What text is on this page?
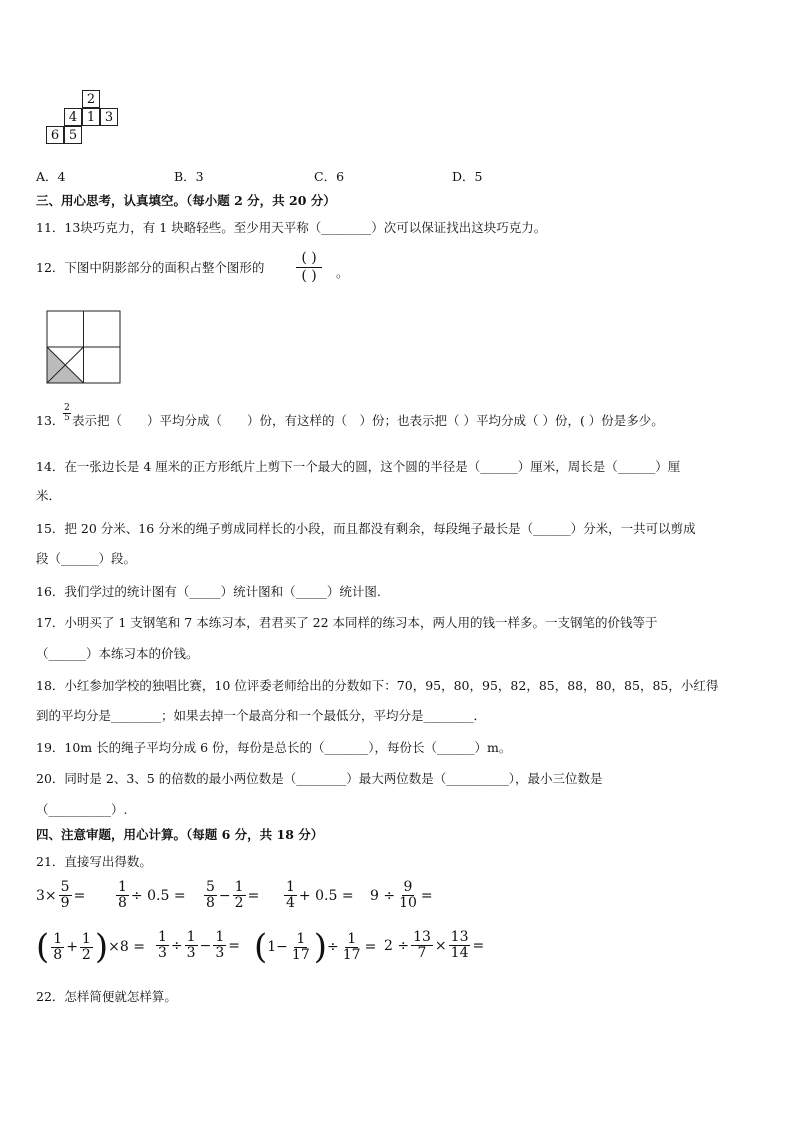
2
4 1 3
6 5
A．4	B．3	C．6	D．5
三、用心思考，认真填空。（每小题 2 分，共 20 分）
11．13块巧克力，有 1 块略轻些。至少用天平称（________）次可以保证找出这块巧克力。
12．下图中阴影部分的面积占整个图形的
( )
( )	。
13．
$\frac{2}{5}$ 表示把（　　）平均分成（　　）份，有这样的（　）份；也表示把（ ）平均分成（ ）份，( ）份是多少。
14．在一张边长是 4 厘米的正方形纸片上剪下一个最大的圆，这个圆的半径是（______）厘米，周长是（______）厘
米．
15．把 20 分米、16 分米的绳子剪成同样长的小段，而且都没有剩余，每段绳子最长是（______）分米，一共可以剪成
段（______）段。
16．我们学过的统计图有（_____）统计图和（_____）统计图.
17．小明买了 1 支钢笔和 7 本练习本，君君买了 22 本同样的练习本，两人用的钱一样多。一支钢笔的价钱等于
（______）本练习本的价钱。
18．小红参加学校的独唱比赛，10 位评委老师给出的分数如下：70，95，80，95，82，85，88，80，85，85，小红得
到的平均分是________；如果去掉一个最高分和一个最低分，平均分是________．
19．10m 长的绳子平均分成 6 份，每份是总长的（_______），每份长（______）m。
20．同时是 2、3、5 的倍数的最小两位数是（________）最大两位数是（__________），最小三位数是
（__________）.
四、注意审题，用心计算。（每题 6 分，共 18 分）
21．直接写出得数。
$3\times \frac{5}{9} = \frac{1}{8} \div 0.5 = \frac{5}{8} - \frac{1}{2} = \frac{1}{4} + 0.5 = 9 \div \frac{9}{10}$ =
( $\frac{1}{8} + \frac{1}{2}$ ) $\times 8 = \frac{1}{3} \div \frac{1}{3} - \frac{1}{3}$ = ( $1- \frac{1}{17}$ ) ÷ $\frac{1}{17} = 2 \div \frac{13}{7} \times \frac{13}{14}$ =
22．怎样简便就怎样算。
